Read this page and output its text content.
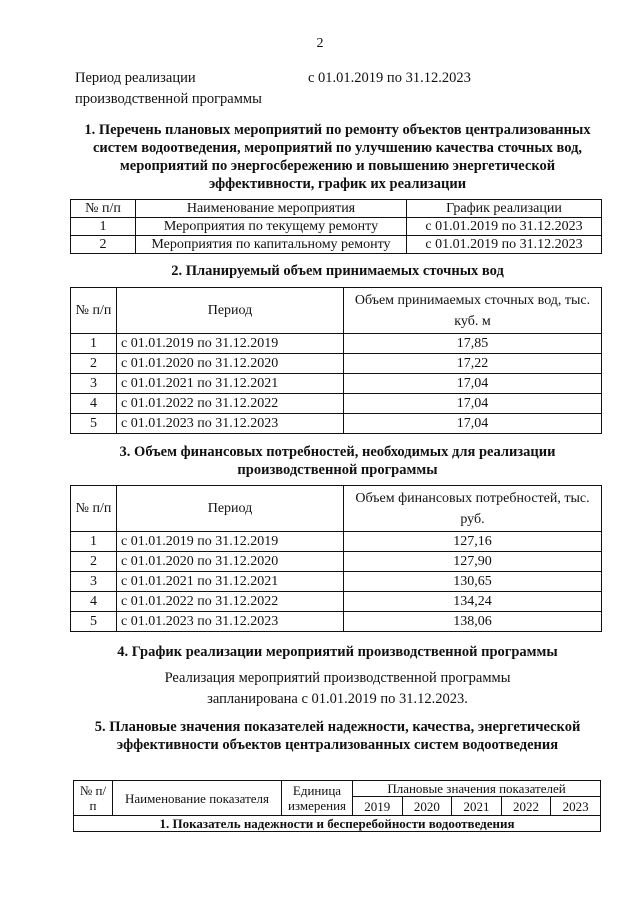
2
Период реализации
производственной программы
с 01.01.2019 по 31.12.2023
1. Перечень плановых мероприятий по ремонту объектов централизованных систем водоотведения, мероприятий по улучшению качества сточных вод, мероприятий по энергосбережению и повышению энергетической эффективности, график их реализации
№ п/п	Наименование мероприятия	График реализации
1	Мероприятия по текущему ремонту	с 01.01.2019 по 31.12.2023
2	Мероприятия по капитальному ремонту	с 01.01.2019 по 31.12.2023
2. Планируемый объем принимаемых сточных вод
№ п/п	Период	Объем принимаемых сточных вод, тыс. куб. м
1	с 01.01.2019 по 31.12.2019	17,85
2	с 01.01.2020 по 31.12.2020	17,22
3	с 01.01.2021 по 31.12.2021	17,04
4	с 01.01.2022 по 31.12.2022	17,04
5	с 01.01.2023 по 31.12.2023	17,04
3. Объем финансовых потребностей, необходимых для реализации производственной программы
№ п/п	Период	Объем финансовых потребностей, тыс. руб.
1	с 01.01.2019 по 31.12.2019	127,16
2	с 01.01.2020 по 31.12.2020	127,90
3	с 01.01.2021 по 31.12.2021	130,65
4	с 01.01.2022 по 31.12.2022	134,24
5	с 01.01.2023 по 31.12.2023	138,06
4. График реализации мероприятий производственной программы
Реализация мероприятий производственной программы запланирована с 01.01.2019 по 31.12.2023.
5. Плановые значения показателей надежности, качества, энергетической эффективности объектов централизованных систем водоотведения
№ п/п	Наименование показателя	Единица измерения	Плановые значения показателей				
			2019	2020	2021	2022	2023
1. Показатель надежности и бесперебойности водоотведения							
